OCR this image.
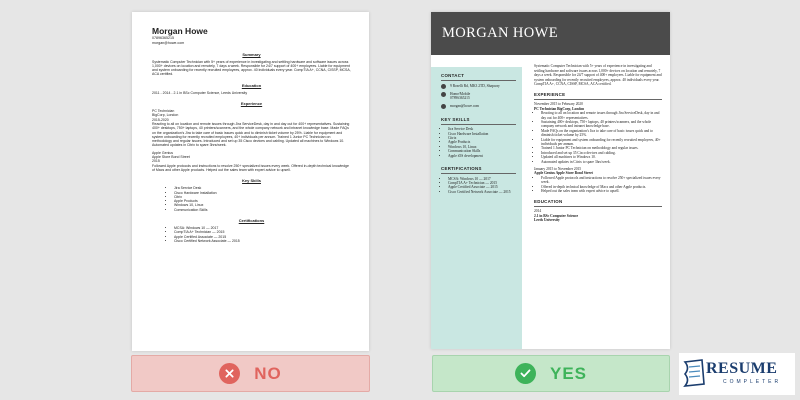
Morgan Howe
07896365215
morgan@howe.com
Summary

Systematic Computer Technician with 5+ years of experience in investigating and settling hardware and software issues across 1,000+ devices on location and remotely, 7 days a week. Responsible for 24/7 support of 400+ employees. Liable for equipment and system onboarding for recently recruited employees, approx. 40 individuals every year. CompTIA A+, CCNA, CISSP, MCSA, ACA certified.

Education

2011 - 2014 - 2.1 in BSc Computer Science, Leeds University

Experience
PC Technician
BigCorp, London
2015-2020

Reacting to all on location and remote issues through Jira ServiceDesk, day in and day out for 400+ representatives. Sustaining 400+ desktops, 750+ laptops, 40 printers/scanners, and the whole company network and intranet knowledge base. Made FAQs on the organization's Jira to take care of basic issues quick and to diminish ticket volume by 25%. Liable for equipment and system onboarding for recently recruited employees, 40+ individuals per annum. Trained 1 Junior PC Technician on methodology and regular issues. Introduced and set up 35 Cisco devices and cabling. Updated all machines to Windows 10. Automated updates in Citrix to spare 3hrs/week.

Apple Genius
Apple Store Bond Street
2015

Followed Apple protocols and instructions to resolve 250+ specialized issues every week. Offered in-depth technical knowledge of Macs and other Apple products. Helped out the sales team with expert advice to upsell.

Key Skills
• Jira Service Desk
• Cisco Hardware Installation
• Citrix
• Apple Products
• Windows 10, Linux
• Communication Skills
Certifications
• MCSA: Windows 10 — 2017
• CompTIA A+ Technician — 2015
• Apple Certified Associate — 2015
• Cisco Certified Network Associate — 2015
MORGAN HOWE
CONTACT
9 Roselli Rd, MK3 2TD, Shapway
Home/Mobile
07896365215
morgan@howe.com
KEY SKILLS
• Jira Service Desk
• Cisco Hardware Installation
• Citrix
• Apple Products
• Windows 10, Linux
• Communication Skills
• Apple iOS development
CERTIFICATIONS
• MCSA: Windows 10 — 2017
• CompTIA A+ Technician — 2015
• Apple Certified Associate — 2015
• Cisco Certified Network Associate — 2015
Systematic Computer Technician with 5+ years of experience in investigating and settling hardware and software issues across 1,000+ devices on location and remotely, 7 days a week. Responsible for 24/7 support of 400+ employees. Liable for equipment and system onboarding for recently recruited employees, approx. 40 individuals every year. CompTIA A+, CCNA, CISSP, MCSA, ACA certified.
EXPERIENCE
November 2015 to February 2020
PC Technician BigCorp, London
• Reacting to all on location and remote issues through Jira ServiceDesk, day in and day out for 400+ representatives.
• Sustaining 400+ desktops, 750+ laptops, 40 printers/scanners, and the whole company network and intranet knowledge base.
• Made FAQs on the organization's Jira to take care of basic issues quick and to diminish ticket volume by 25%.
• Liable for equipment and system onboarding for recently recruited employees, 40+ individuals per annum.
• Trained 1 Junior PC Technician on methodology and regular issues.
• Introduced and set up 35 Cisco devices and cabling.
• Updated all machines to Windows 10.
• Automated updates in Citrix to spare 3hrs/week.
January 2015 to November 2015
Apple Genius Apple Store Bond Street
• Followed Apple protocols and instructions to resolve 250+ specialized issues every week.
• Offered in-depth technical knowledge of Macs and other Apple products.
• Helped out the sales team with expert advice to upsell.
EDUCATION
2014
2.1 in BSc Computer Science
Leeds University
NO	YES	RESUME
COMPLETER
